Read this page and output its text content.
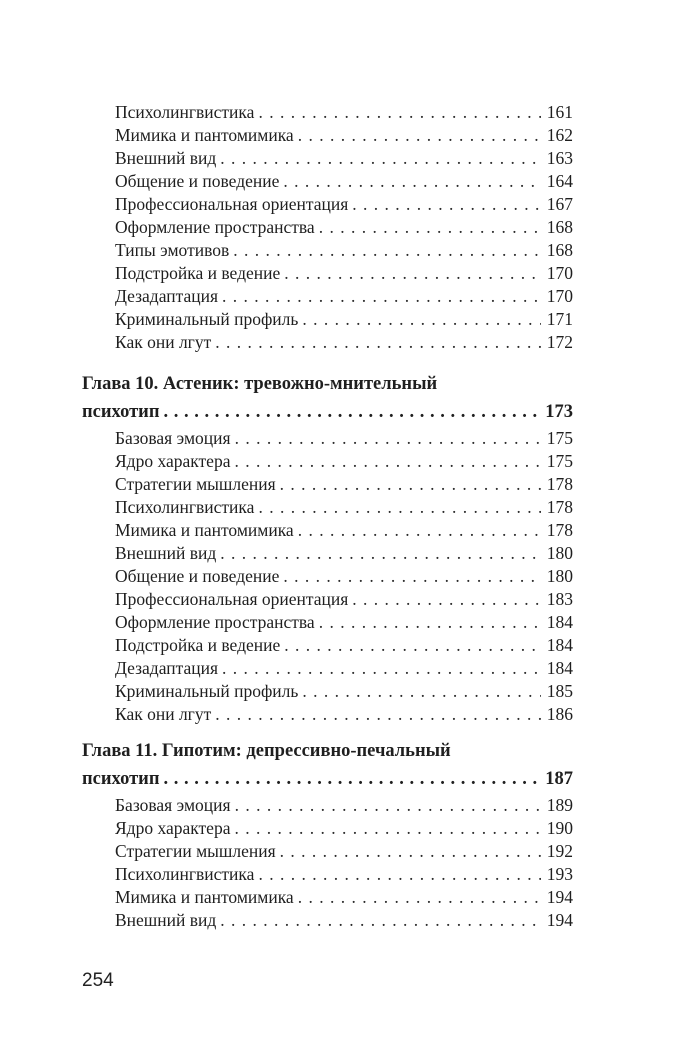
Психолингвистика . . .	161
Мимика и пантомимика . . .	162
Внешний вид . . .	163
Общение и поведение . . .	164
Профессиональная ориентация . . .	167
Оформление пространства . . .	168
Типы эмотивов . . .	168
Подстройка и ведение . . .	170
Дезадаптация . . .	170
Криминальный профиль . . .	171
Как они лгут . . .	172
Глава 10. Астеник: тревожно-мнительный
психотип . . .	173
Базовая эмоция . . .	175
Ядро характера . . .	175
Стратегии мышления . . .	178
Психолингвистика . . .	178
Мимика и пантомимика . . .	178
Внешний вид . . .	180
Общение и поведение . . .	180
Профессиональная ориентация . . .	183
Оформление пространства . . .	184
Подстройка и ведение . . .	184
Дезадаптация . . .	184
Криминальный профиль . . .	185
Как они лгут . . .	186
Глава 11. Гипотим: депрессивно-печальный
психотип . . .	187
Базовая эмоция . . .	189
Ядро характера . . .	190
Стратегии мышления . . .	192
Психолингвистика . . .	193
Мимика и пантомимика . . .	194
Внешний вид . . .	194
254
